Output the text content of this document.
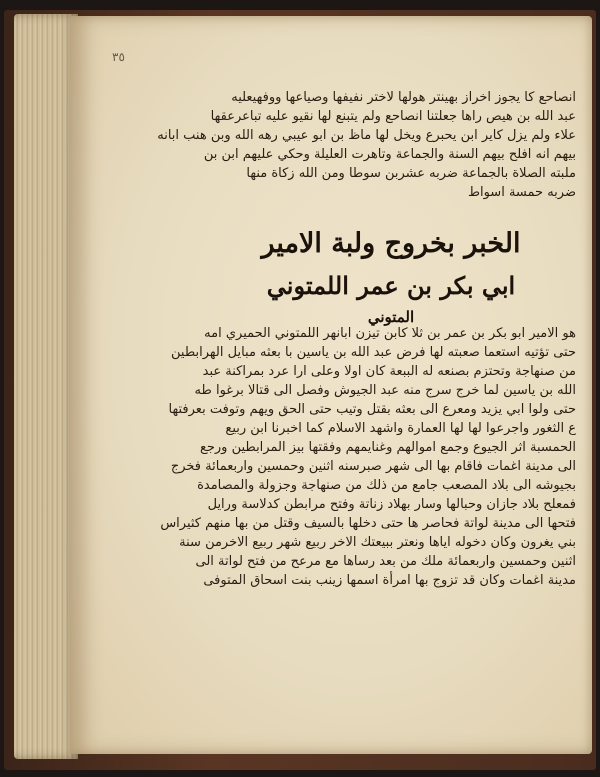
٣٥
انصاحع كا يجوز اخراز بهينتر هولها لاختر نفيفها وصياعها ووفهيعليه
عبد الله بن هيص راها جعلتنا انصاحع ولم يتبنع لها نقيو عليه تباعرعقها
علاء ولم يزل كاير ابن يحبرع ويخل لها ماظ بن ابو عيبي رهه الله وبن هنب ابانه
بيهم انه افلح بيهم السنة والجماعة وتاهرت العليلة وحكي عليهم ابن بن
ملبته الصلاة بالجماعة ضربه عشربن سوطا ومن الله زكاة منها
ضربه حمسة اسواط
الخبر بخروج ولبة الامير
ابي بكر بن عمر اللمتوني
المتوني
هو الامير ابو بكر بن عمر بن ثلا كابن تيزن ابانهر اللمتوني الحميري امه
حتى تؤتيه استعما صعبته لها فرض عبد الله بن ياسين با بعثه مبايل الهرابطين
من صنهاجة وتحتزم بصنعه له الببعة كان اولا وعلى ارا عرد بمراكنة عبد
الله بن ياسين لما خرج سرج منه عبد الجيوش وفصل الى قتالا برغوا طه
حتى ولوا ابي يزيد ومعرع الى بعثه بقتل وتيب حتى الحق ويهم وتوفت بعرفتها
ع الثغور واجرعوا لها لها العمارة واشهد الاسلام كما اخبرنا ابن ربيع
الحمسبة اثر الجيوع وجمع اموالهم وغنايمهم وفقتها بيز المرابطين ورجع
الى مدينة اغمات فاقام بها الى شهر صبرسنه اثنين وحمسين واربعمائة فخرج
بجيوشه الى بلاد المصعب جامع من ذلك من صنهاجة وجزولة والمصامدة
فمعلح بلاد جازان وحبالها وسار بهلاد زناتة وفتح مرابطن كدلاسة ورايل
فتحها الى مدينة لواتة فحاصر ها حتى دخلها بالسيف وقتل من بها منهم كثيراس
بني يغرون وكان دخوله اياها ونعتر ببيعتك الاخر ربيع شهر ربيع الاخرمن سنة
اثنين وحمسين واربعمائة ملك من بعد رساها مع مرعح من فتح لواتة الى
مدينة اغمات وكان قد تزوج بها امرأة اسمها زينب بنت اسحاق المتوفى
